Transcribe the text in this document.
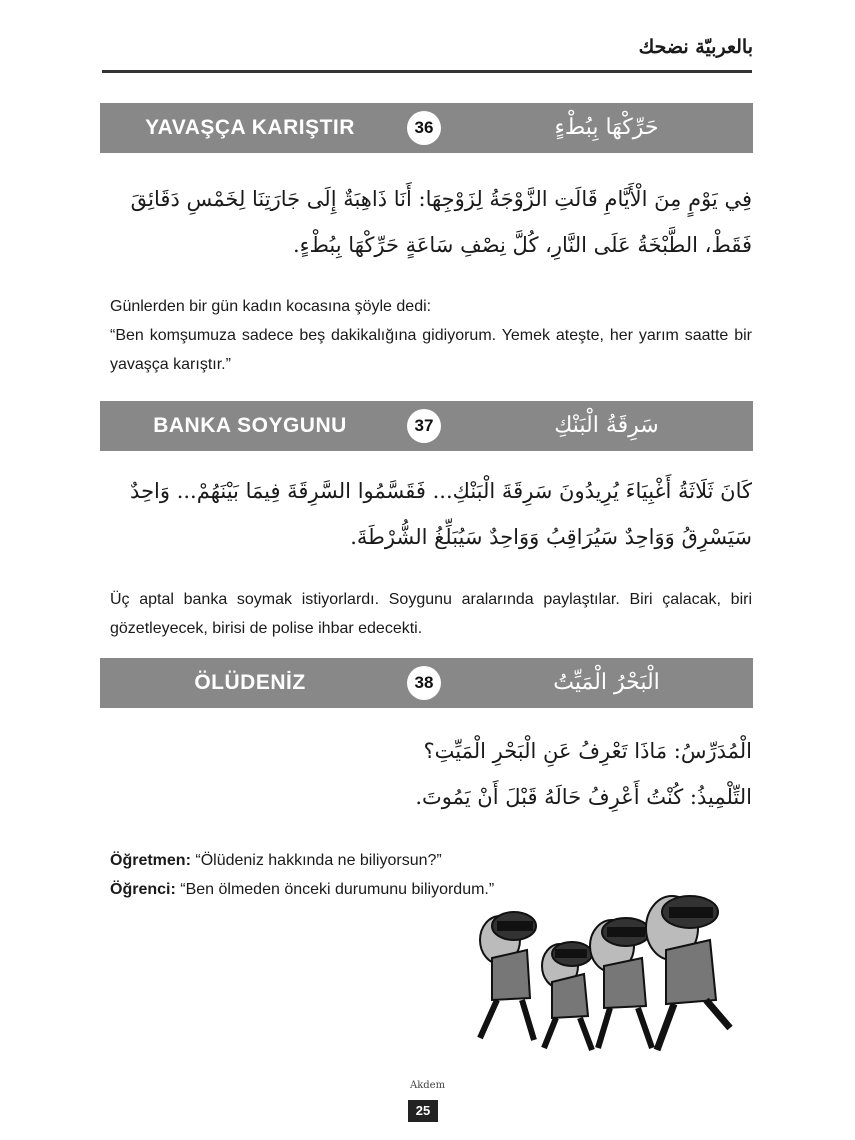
بالعربيّة نضحك
YAVAŞÇA KARIŞTIR	36	حَرِّكْهَا بِبُطْءٍ
فِي يَوْمٍ مِنَ الْأَيَّامِ قَالَتِ الزَّوْجَةُ لِزَوْجِهَا: أَنَا ذَاهِبَةٌ إِلَى جَارَتِنَا لِخَمْسِ دَقَائِقَ
فَقَطْ، الطَّبْخَةُ عَلَى النَّارِ، كُلَّ نِصْفِ سَاعَةٍ حَرِّكْهَا بِبُطْءٍ.
Günlerden bir gün kadın kocasına şöyle dedi:
“Ben komşumuza sadece beş dakikalığına gidiyorum. Yemek ateşte, her yarım saatte bir yavaşça karıştır.”
BANKA SOYGUNU	37	سَرِقَةُ الْبَنْكِ
كَانَ ثَلَاثَةُ أَغْبِيَاءَ يُرِيدُونَ سَرِقَةَ الْبَنْكِ... فَقَسَّمُوا السَّرِقَةَ فِيمَا بَيْنَهُمْ... وَاحِدٌ
سَيَسْرِقُ وَوَاحِدٌ سَيُرَاقِبُ وَوَاحِدٌ سَيُبَلِّغُ الشُّرْطَةَ.
Üç aptal banka soymak istiyorlardı. Soygunu aralarında paylaştılar. Biri çalacak, biri gözetleyecek, birisi de polise ihbar edecekti.
ÖLÜDENİZ	38	الْبَحْرُ الْمَيِّتُ
الْمُدَرِّسُ: مَاذَا تَعْرِفُ عَنِ الْبَحْرِ الْمَيِّتِ؟
التِّلْمِيذُ: كُنْتُ أَعْرِفُ حَالَهُ قَبْلَ أَنْ يَمُوتَ.
Öğretmen: “Ölüdeniz hakkında ne biliyorsun?”
Öğrenci: “Ben ölmeden önceki durumunu biliyordum.”
Akdem
25
